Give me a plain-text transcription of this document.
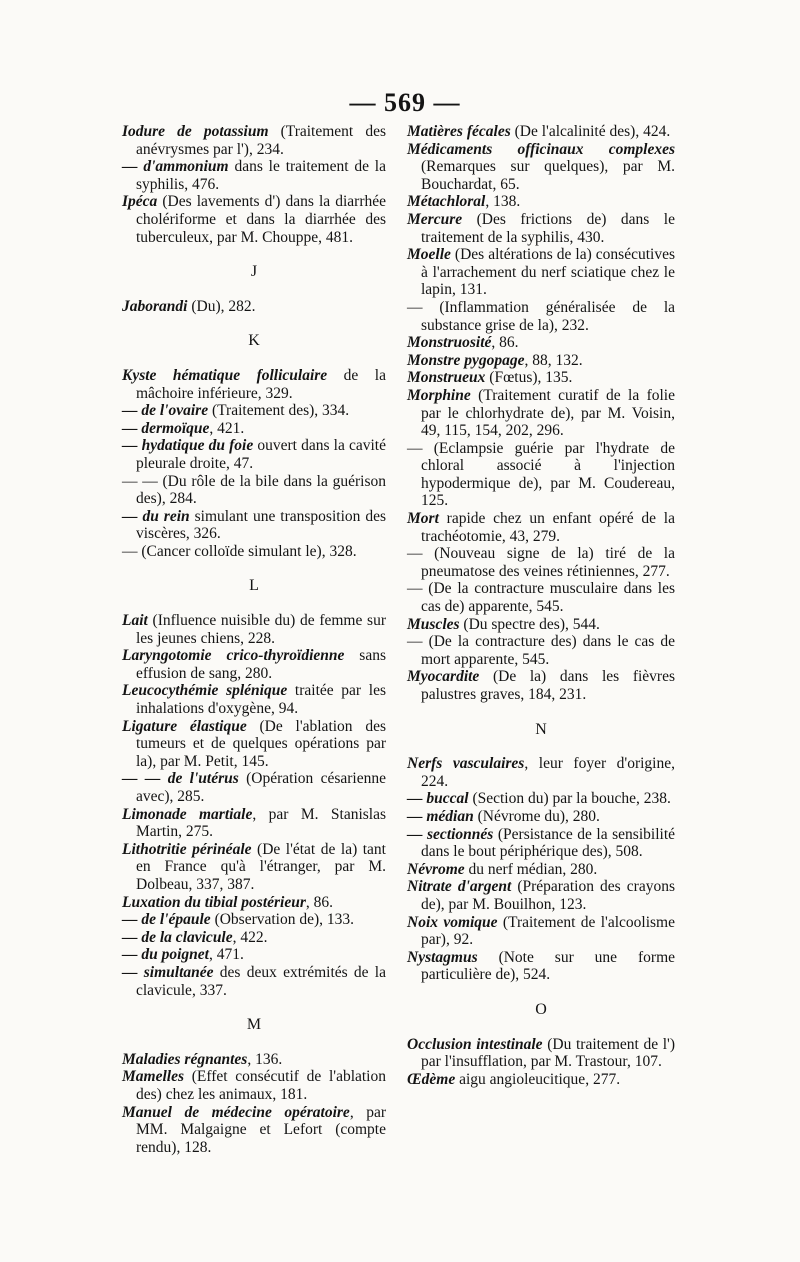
— 569 —

Iodure de potassium (Traitement des anévrysmes par l'), 234.

— d'ammonium dans le traitement de la syphilis, 476.

Ipéca (Des lavements d') dans la diarrhée cholériforme et dans la diarrhée des tuberculeux, par M. Chouppe, 481.

J

Jaborandi (Du), 282.

K

Kyste hématique folliculaire de la mâchoire inférieure, 329.

— de l'ovaire (Traitement des), 334.

— dermoïque, 421.

— hydatique du foie ouvert dans la cavité pleurale droite, 47.

— — (Du rôle de la bile dans la guérison des), 284.

— du rein simulant une transposition des viscères, 326.

— (Cancer colloïde simulant le), 328.

L

Lait (Influence nuisible du) de femme sur les jeunes chiens, 228.

Laryngotomie crico-thyroïdienne sans effusion de sang, 280.

Leucocythémie splénique traitée par les inhalations d'oxygène, 94.

Ligature élastique (De l'ablation des tumeurs et de quelques opérations par la), par M. Petit, 145.

— — de l'utérus (Opération césarienne avec), 285.

Limonade martiale, par M. Stanislas Martin, 275.

Lithotritie périnéale (De l'état de la) tant en France qu'à l'étranger, par M. Dolbeau, 337, 387.

Luxation du tibial postérieur, 86.

— de l'épaule (Observation de), 133.

— de la clavicule, 422.

— du poignet, 471.

— simultanée des deux extrémités de la clavicule, 337.

M

Maladies régnantes, 136.

Mamelles (Effet consécutif de l'ablation des) chez les animaux, 181.

Manuel de médecine opératoire, par MM. Malgaigne et Lefort (compte rendu), 128.

Matières fécales (De l'alcalinité des), 424.

Médicaments officinaux complexes (Remarques sur quelques), par M. Bouchardat, 65.

Métachloral, 138.

Mercure (Des frictions de) dans le traitement de la syphilis, 430.

Moelle (Des altérations de la) consécutives à l'arrachement du nerf sciatique chez le lapin, 131.

— (Inflammation généralisée de la substance grise de la), 232.

Monstruosité, 86.

Monstre pygopage, 88, 132.

Monstrueux (Fœtus), 135.

Morphine (Traitement curatif de la folie par le chlorhydrate de), par M. Voisin, 49, 115, 154, 202, 296.

— (Eclampsie guérie par l'hydrate de chloral associé à l'injection hypodermique de), par M. Coudereau, 125.

Mort rapide chez un enfant opéré de la trachéotomie, 43, 279.

— (Nouveau signe de la) tiré de la pneumatose des veines rétiniennes, 277.

— (De la contracture musculaire dans les cas de) apparente, 545.

Muscles (Du spectre des), 544.

— (De la contracture des) dans le cas de mort apparente, 545.

Myocardite (De la) dans les fièvres palustres graves, 184, 231.

N

Nerfs vasculaires, leur foyer d'origine, 224.

— buccal (Section du) par la bouche, 238.

— médian (Névrome du), 280.

— sectionnés (Persistance de la sensibilité dans le bout périphérique des), 508.

Névrome du nerf médian, 280.

Nitrate d'argent (Préparation des crayons de), par M. Bouilhon, 123.

Noix vomique (Traitement de l'alcoolisme par), 92.

Nystagmus (Note sur une forme particulière de), 524.

O

Occlusion intestinale (Du traitement de l') par l'insufflation, par M. Trastour, 107.

Œdème aigu angioleucitique, 277.
